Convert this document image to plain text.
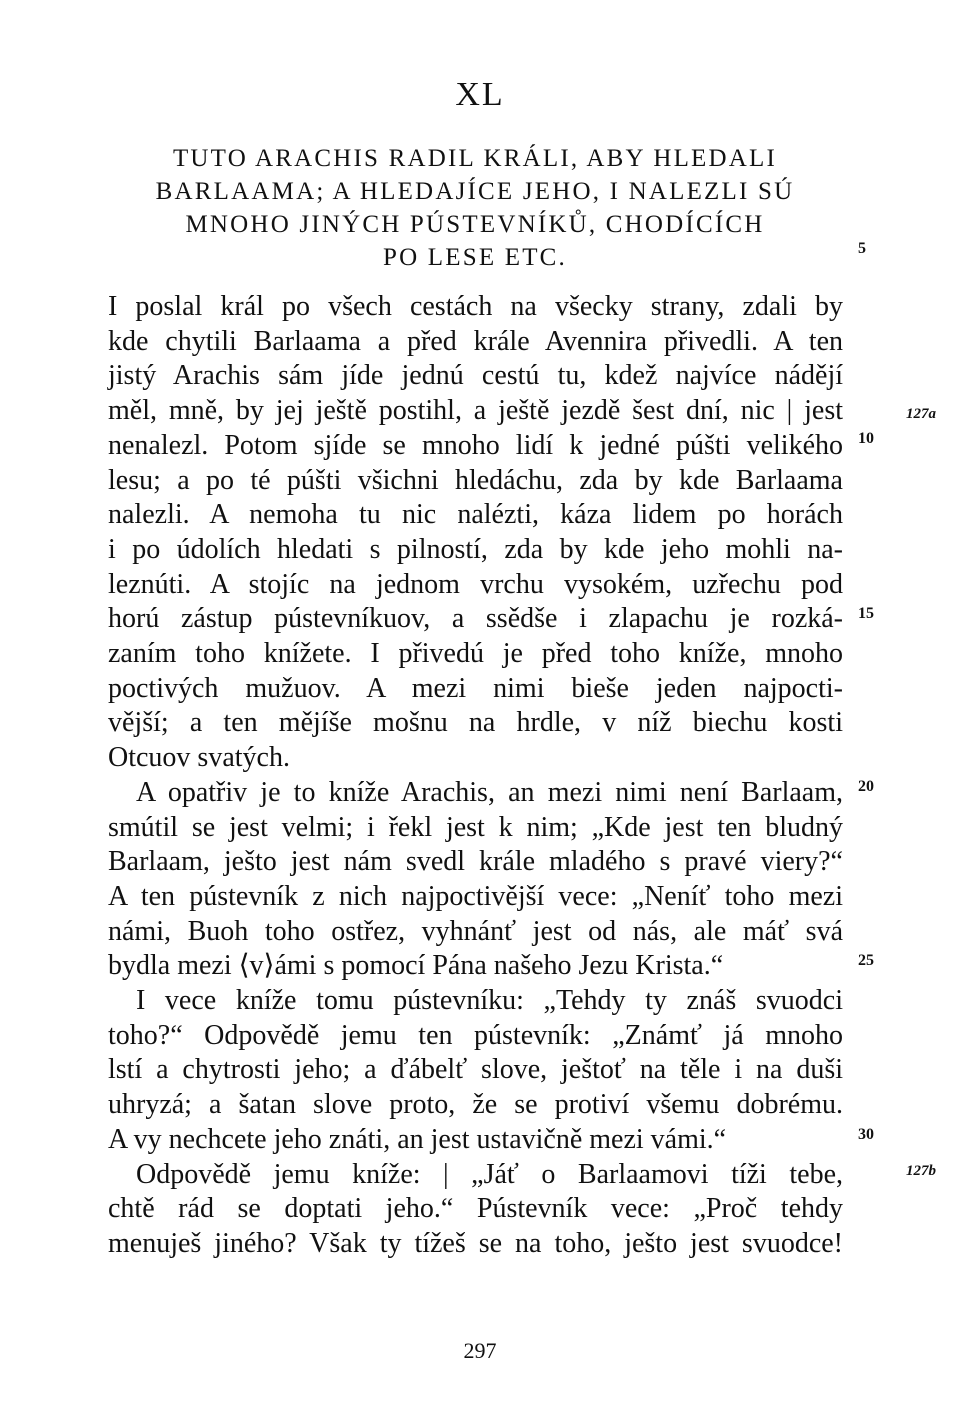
XL
TUTO ARACHIS RADIL KRÁLI, ABY HLEDALI
BARLAAMA; A HLEDAJÍCE JEHO, I NALEZLI SÚ
MNOHO JINÝCH PÚSTEVNÍKŮ, CHODÍCÍCH
PO LESE ETC.
I poslal král po všech cestách na všecky strany, zdali by
kde chytili Barlaama a před krále Avennira přivedli. A ten
jistý Arachis sám jíde jednú cestú tu, kdež najvíce nádějí
měl, mně, by jej ještě postihl, a ještě jezdě šest dní, nic | jest
nenalezl. Potom sjíde se mnoho lidí k jedné púšti velikého
lesu; a po té púšti všichni hledáchu, zda by kde Barlaama
nalezli. A nemoha tu nic nalézti, káza lidem po horách
i po údolích hledati s pilností, zda by kde jeho mohli na-
leznúti. A stojíc na jednom vrchu vysokém, uzřechu pod
horú zástup pústevníkuov, a ssědše i zlapachu je rozká-
zaním toho knížete. I přivedú je před toho kníže, mnoho
poctivých mužuov. A mezi nimi bieše jeden najpocti-
vější; a ten mějíše mošnu na hrdle, v níž biechu kosti
Otcuov svatých.
A opatřiv je to kníže Arachis, an mezi nimi není Barlaam,
smútil se jest velmi; i řekl jest k nim; „Kde jest ten bludný
Barlaam, ješto jest nám svedl krále mladého s pravé viery?“
A ten pústevník z nich najpoctivější vece: „Neníť toho mezi
námi, Buoh toho ostřez, vyhnánť jest od nás, ale máť svá
bydla mezi ⟨v⟩ámi s pomocí Pána našeho Jezu Krista.“
I vece kníže tomu pústevníku: „Tehdy ty znáš svuodci
toho?“ Odpovědě jemu ten pústevník: „Známť já mnoho
lstí a chytrosti jeho; a ďábelť slove, ještoť na těle i na duši
uhryzá; a šatan slove proto, že se protiví všemu dobrému.
A vy nechcete jeho znáti, an jest ustavičně mezi vámi.“
Odpovědě jemu kníže: | „Jáť o Barlaamovi tíži tebe,
chtě rád se doptati jeho.“ Pústevník vece: „Proč tehdy
menuješ jiného? Však ty tížeš se na toho, ješto jest svuodce!
5
10
15
20
25
30
127a
127b
297
